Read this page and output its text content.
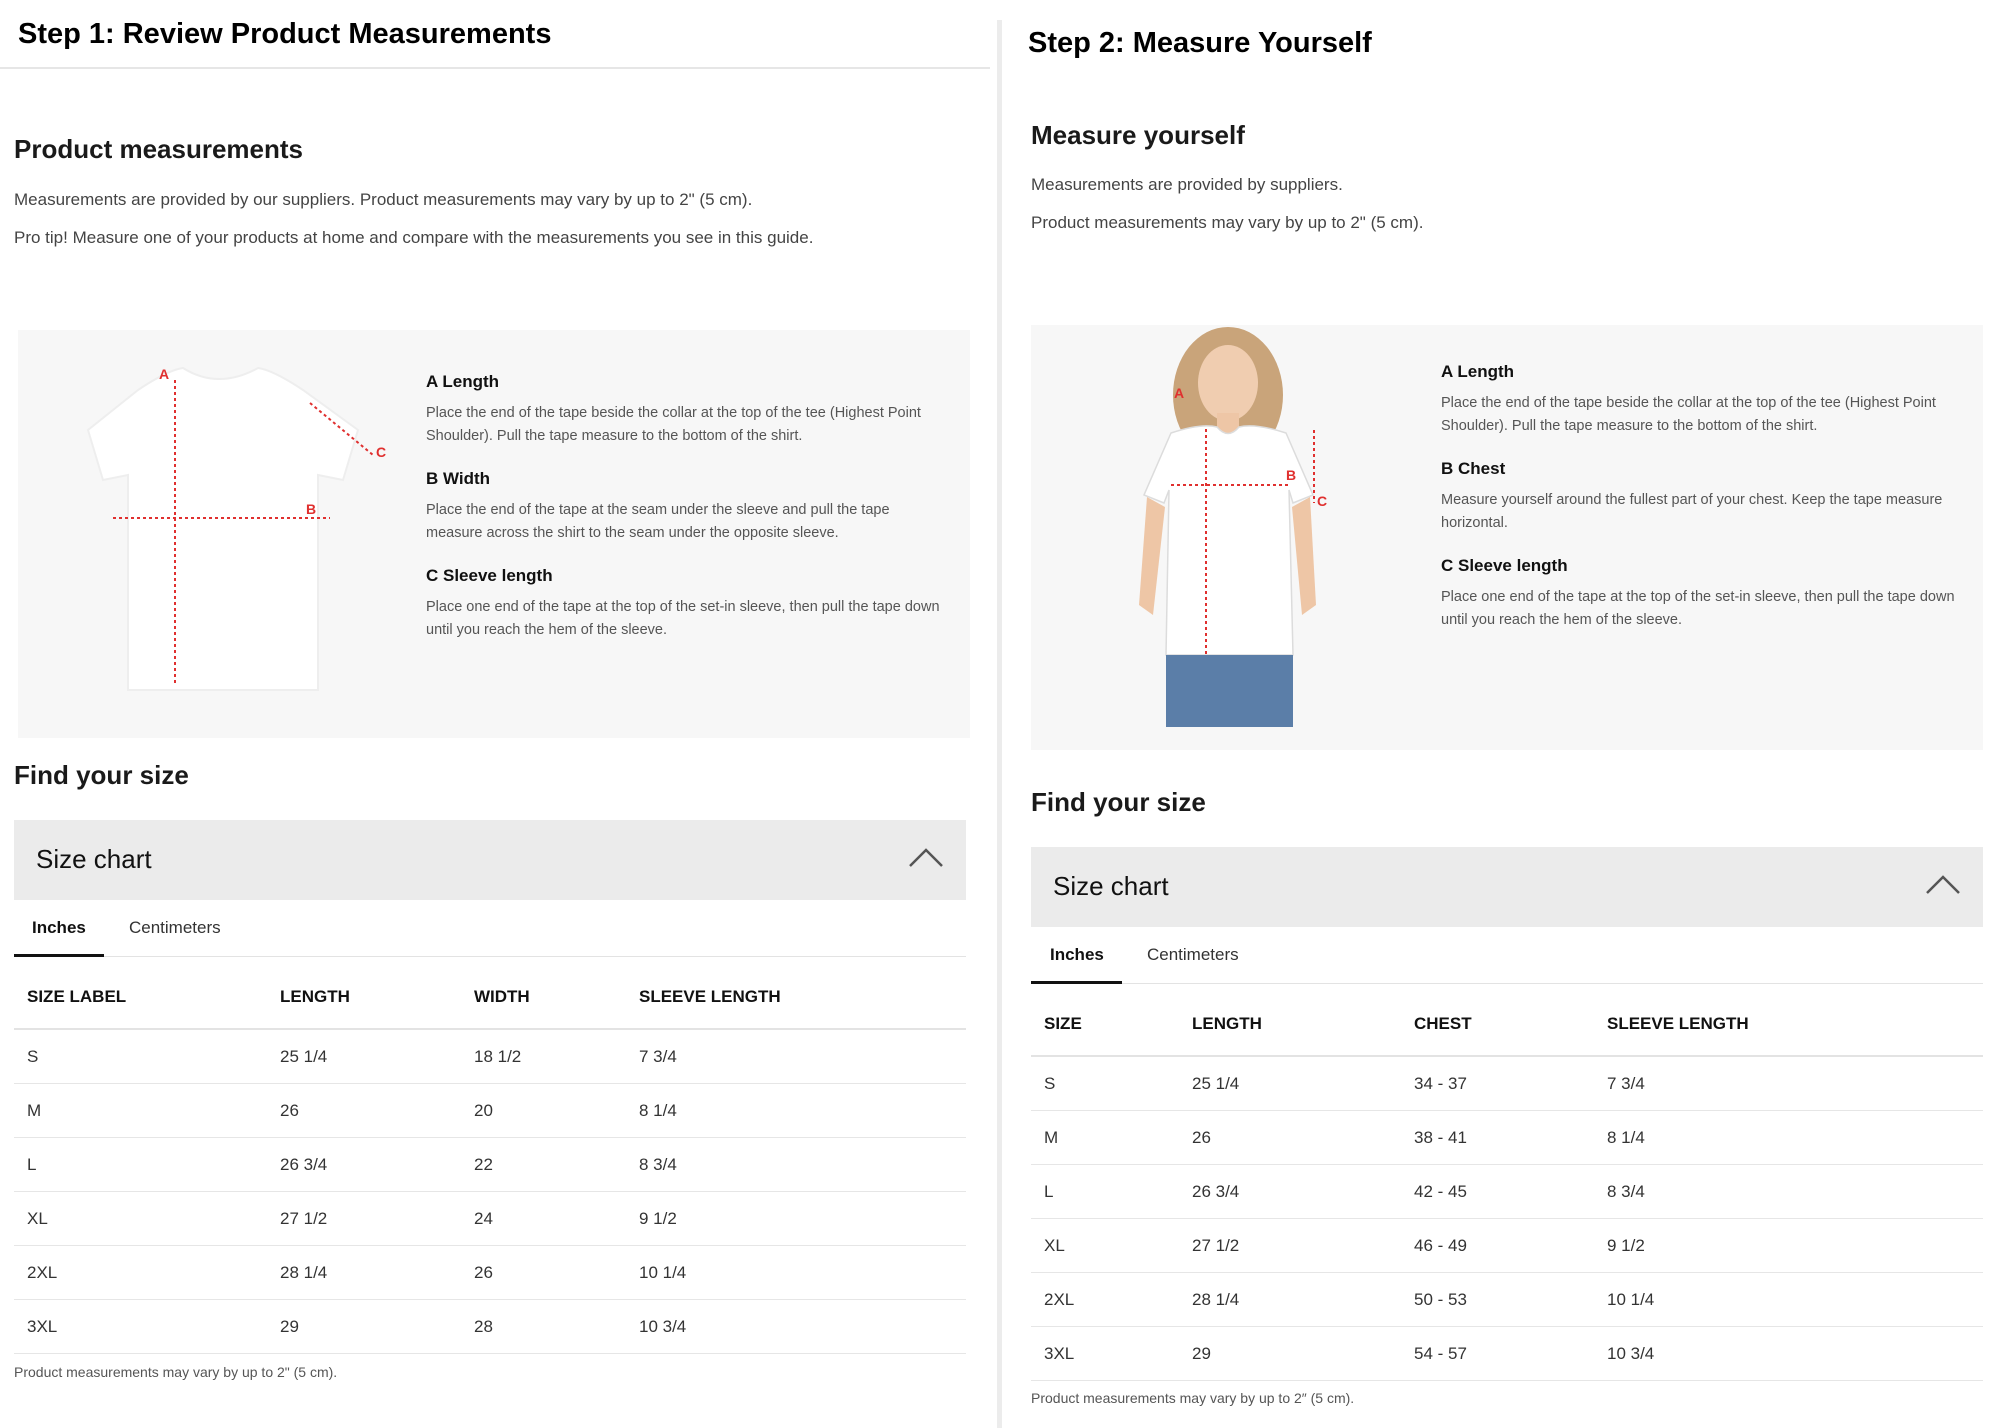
Step 1: Review Product Measurements
Product measurements

Measurements are provided by our suppliers. Product measurements may vary by up to 2" (5 cm).

Pro tip! Measure one of your products at home and compare with the measurements you see in this guide.

A
B
C
A Length

Place the end of the tape beside the collar at the top of the tee (Highest Point Shoulder). Pull the tape measure to the bottom of the shirt.

B Width

Place the end of the tape at the seam under the sleeve and pull the tape measure across the shirt to the seam under the opposite sleeve.

C Sleeve length

Place one end of the tape at the top of the set-in sleeve, then pull the tape down until you reach the hem of the sleeve.

Find your size
Size chart
Inches	Centimeters
SIZE LABEL	LENGTH	WIDTH	SLEEVE LENGTH
S	25 1/4	18 1/2	7 3/4
M	26	20	8 1/4
L	26 3/4	22	8 3/4
XL	27 1/2	24	9 1/2
2XL	28 1/4	26	10 1/4
3XL	29	28	10 3/4

Product measurements may vary by up to 2" (5 cm).

Step 2: Measure Yourself
Measure yourself

Measurements are provided by suppliers.

Product measurements may vary by up to 2" (5 cm).

A
B
C
A Length

Place the end of the tape beside the collar at the top of the tee (Highest Point Shoulder). Pull the tape measure to the bottom of the shirt.

B Chest

Measure yourself around the fullest part of your chest. Keep the tape measure horizontal.

C Sleeve length

Place one end of the tape at the top of the set-in sleeve, then pull the tape down until you reach the hem of the sleeve.

Find your size
Size chart
Inches	Centimeters
SIZE	LENGTH	CHEST	SLEEVE LENGTH
S	25 1/4	34 - 37	7 3/4
M	26	38 - 41	8 1/4
L	26 3/4	42 - 45	8 3/4
XL	27 1/2	46 - 49	9 1/2
2XL	28 1/4	50 - 53	10 1/4
3XL	29	54 - 57	10 3/4

Product measurements may vary by up to 2″ (5 cm).
